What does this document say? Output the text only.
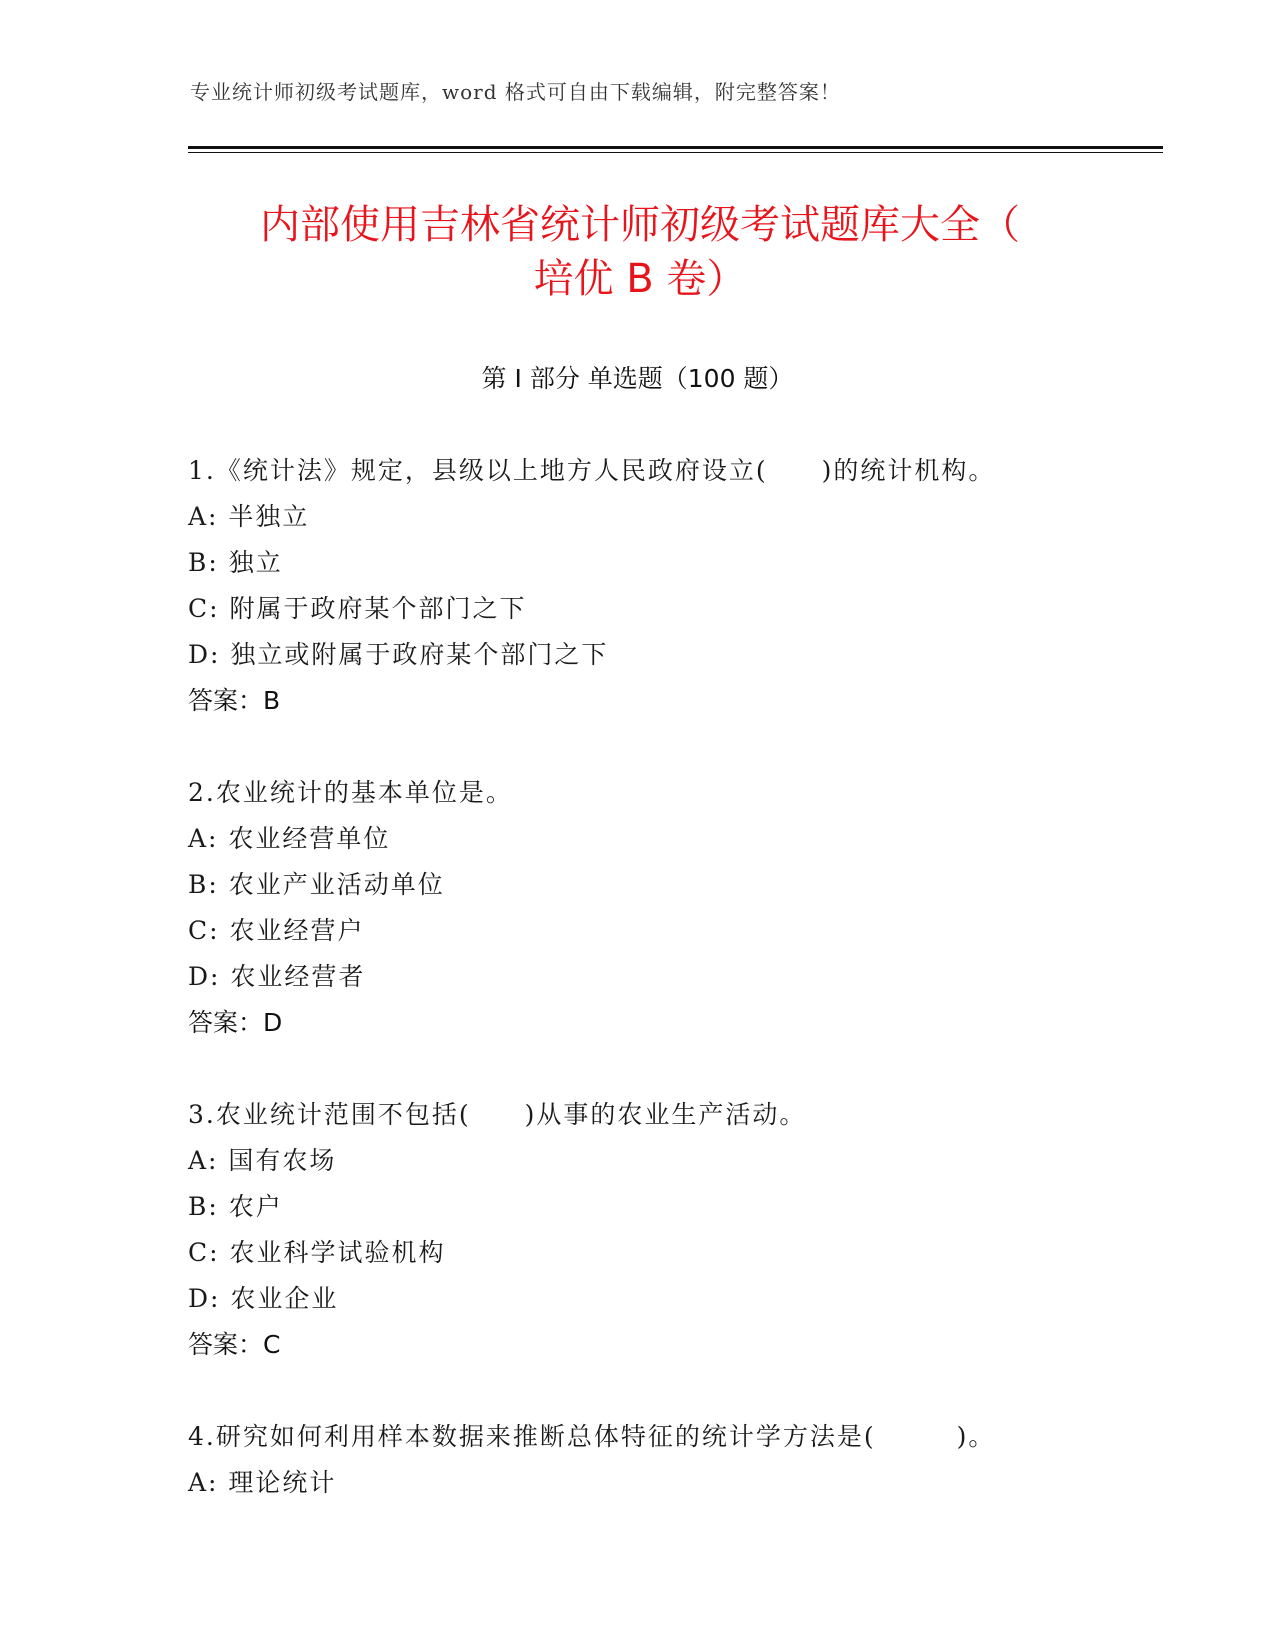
专业统计师初级考试题库，word 格式可自由下载编辑，附完整答案！
内部使用吉林省统计师初级考试题库大全（
培优 B 卷）
第 I 部分 单选题（100 题）
1.《统计法》规定，县级以上地方人民政府设立(　　)的统计机构。
A: 半独立
B: 独立
C: 附属于政府某个部门之下
D: 独立或附属于政府某个部门之下
答案：B
2.农业统计的基本单位是。
A: 农业经营单位
B: 农业产业活动单位
C: 农业经营户
D: 农业经营者
答案：D
3.农业统计范围不包括(　　)从事的农业生产活动。
A: 国有农场
B: 农户
C: 农业科学试验机构
D: 农业企业
答案：C
4.研究如何利用样本数据来推断总体特征的统计学方法是(　　　)。
A: 理论统计
